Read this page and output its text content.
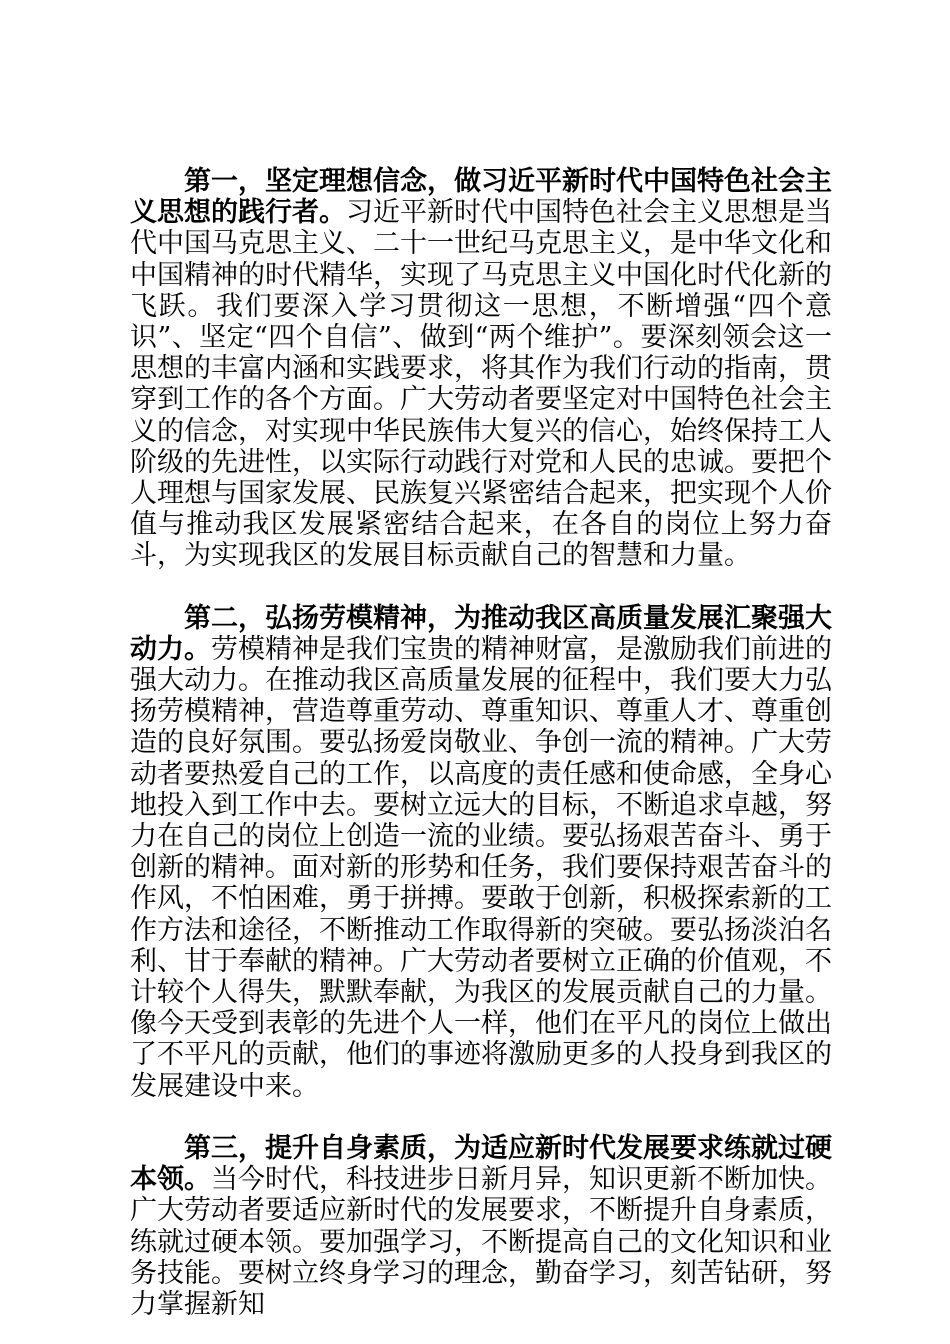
第一，坚定理想信念，做习近平新时代中国特色社会主义思想的践行者。习近平新时代中国特色社会主义思想是当代中国马克思主义、二十一世纪马克思主义，是中华文化和中国精神的时代精华，实现了马克思主义中国化时代化新的飞跃。我们要深入学习贯彻这一思想，不断增强“四个意识”、坚定“四个自信”、做到“两个维护”。要深刻领会这一思想的丰富内涵和实践要求，将其作为我们行动的指南，贯穿到工作的各个方面。广大劳动者要坚定对中国特色社会主义的信念，对实现中华民族伟大复兴的信心，始终保持工人阶级的先进性，以实际行动践行对党和人民的忠诚。要把个人理想与国家发展、民族复兴紧密结合起来，把实现个人价值与推动我区发展紧密结合起来，在各自的岗位上努力奋斗，为实现我区的发展目标贡献自己的智慧和力量。

第二，弘扬劳模精神，为推动我区高质量发展汇聚强大动力。劳模精神是我们宝贵的精神财富，是激励我们前进的强大动力。在推动我区高质量发展的征程中，我们要大力弘扬劳模精神，营造尊重劳动、尊重知识、尊重人才、尊重创造的良好氛围。要弘扬爱岗敬业、争创一流的精神。广大劳动者要热爱自己的工作，以高度的责任感和使命感，全身心地投入到工作中去。要树立远大的目标，不断追求卓越，努力在自己的岗位上创造一流的业绩。要弘扬艰苦奋斗、勇于创新的精神。面对新的形势和任务，我们要保持艰苦奋斗的作风，不怕困难，勇于拼搏。要敢于创新，积极探索新的工作方法和途径，不断推动工作取得新的突破。要弘扬淡泊名利、甘于奉献的精神。广大劳动者要树立正确的价值观，不计较个人得失，默默奉献，为我区的发展贡献自己的力量。像今天受到表彰的先进个人一样，他们在平凡的岗位上做出了不平凡的贡献，他们的事迹将激励更多的人投身到我区的发展建设中来。

第三，提升自身素质，为适应新时代发展要求练就过硬本领。当今时代，科技进步日新月异，知识更新不断加快。广大劳动者要适应新时代的发展要求，不断提升自身素质，练就过硬本领。要加强学习，不断提高自己的文化知识和业务技能。要树立终身学习的理念，勤奋学习，刻苦钻研，努力掌握新知
